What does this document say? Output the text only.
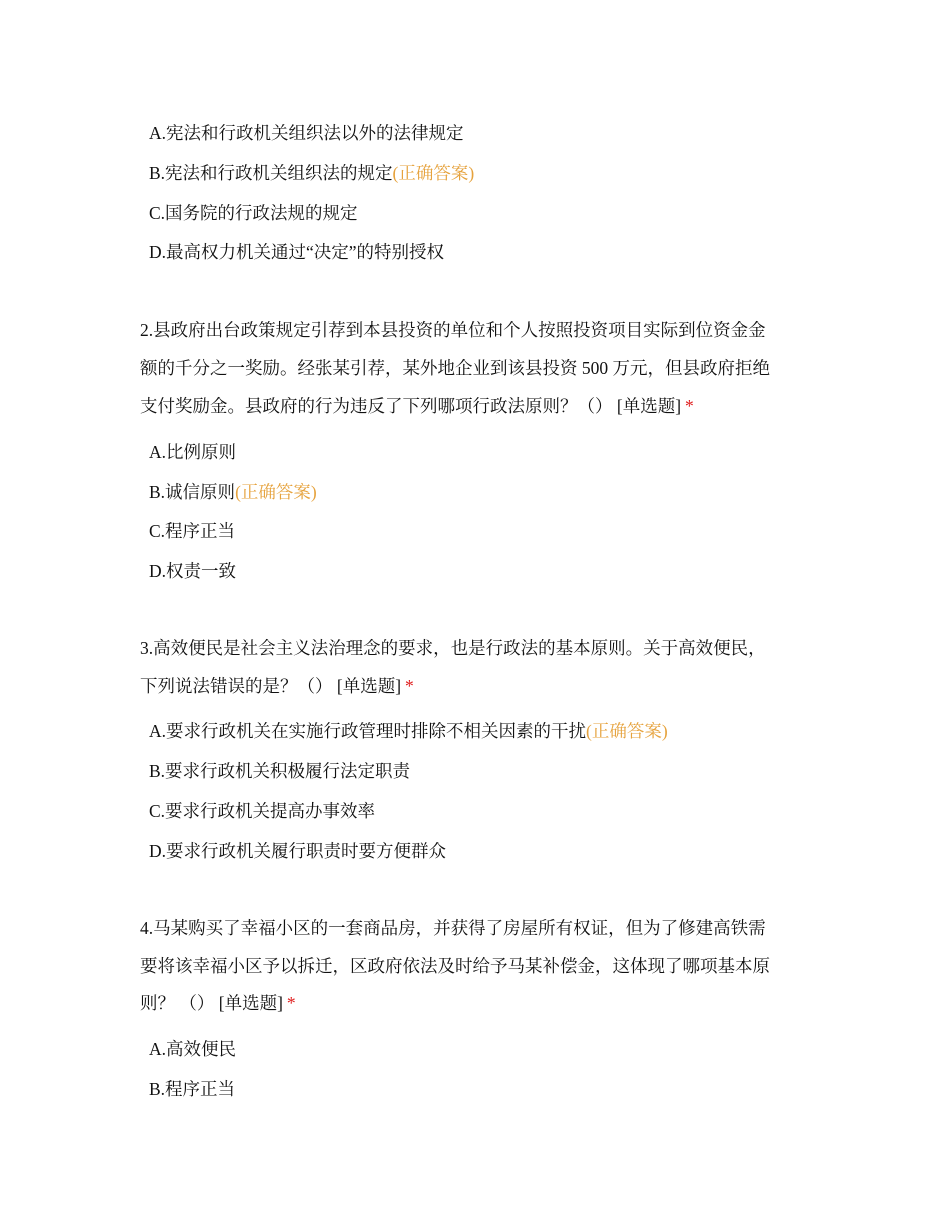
A.宪法和行政机关组织法以外的法律规定
B.宪法和行政机关组织法的规定(正确答案)
C.国务院的行政法规的规定
D.最高权力机关通过“决定”的特别授权
2.县政府出台政策规定引荐到本县投资的单位和个人按照投资项目实际到位资金金
额的千分之一奖励。经张某引荐，某外地企业到该县投资 500 万元，但县政府拒绝
支付奖励金。县政府的行为违反了下列哪项行政法原则？（） [单选题] *
A.比例原则
B.诚信原则(正确答案)
C.程序正当
D.权责一致
3.高效便民是社会主义法治理念的要求，也是行政法的基本原则。关于高效便民，
下列说法错误的是？（） [单选题] *
A.要求行政机关在实施行政管理时排除不相关因素的干扰(正确答案)
B.要求行政机关积极履行法定职责
C.要求行政机关提高办事效率
D.要求行政机关履行职责时要方便群众
4.马某购买了幸福小区的一套商品房，并获得了房屋所有权证，但为了修建高铁需
要将该幸福小区予以拆迁，区政府依法及时给予马某补偿金，这体现了哪项基本原
则？ （） [单选题] *
A.高效便民
B.程序正当
